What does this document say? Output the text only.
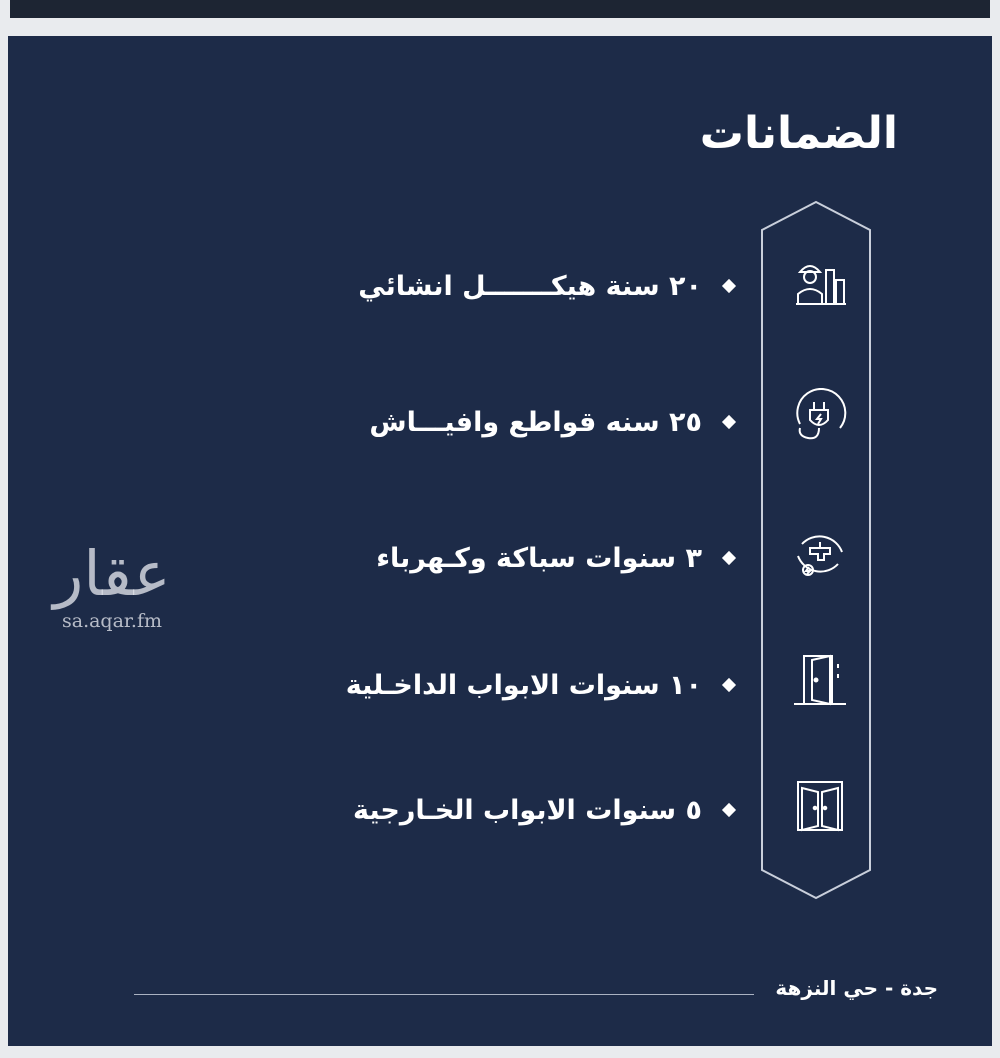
الضمانات
٢٠ سنة هيكـــــــل انشائي
٢٥ سنه قواطع وافيـــاش
٣ سنوات سباكة وكـهرباء
١٠ سنوات الابواب الداخـلية
٥ سنوات الابواب الخـارجية
جدة - حي النزهة
عقار
sa.aqar.fm
